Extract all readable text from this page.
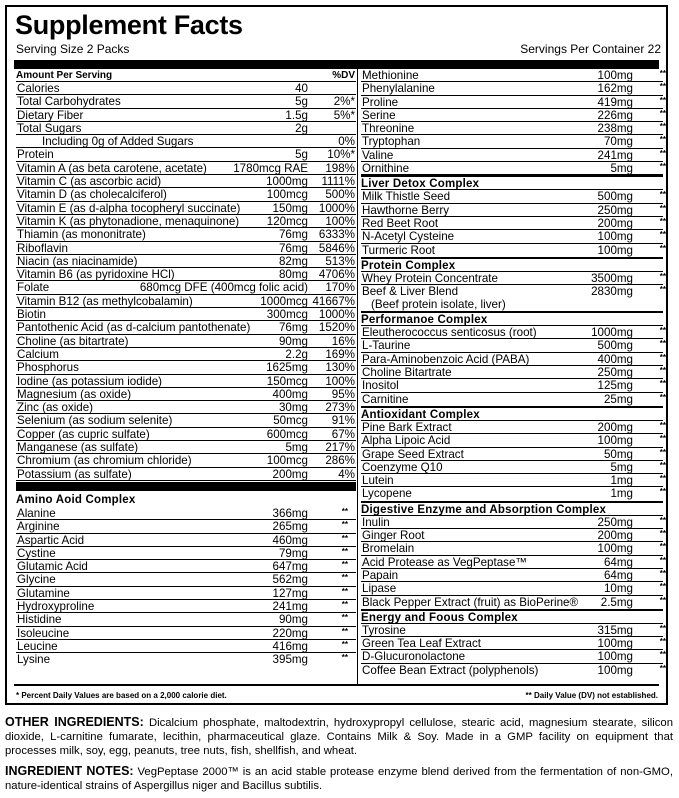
Supplement Facts
Serving Size 2 Packs	Servings Per Container 22
Amount Per Serving	%DV
Calories	40
Total Carbohydrates	5g 2%*
Dietary Fiber	1.5g 5%*
Total Sugars	2g
Including 0g of Added Sugars	0%
Protein	5g 10%*
Vitamin A (as beta carotene, acetate) 1780mcg RAE 198%
Vitamin C (as ascorbic acid)	1000mg 1111%
Vitamin D (as cholecalciferol)	100mcg 500%
Vitamin E (as d-alpha tocopheryl succinate)	150mg 1000%
Vitamin K (as phytonadione, menaquinone) 120mcg 100%
Thiamin (as mononitrate)	76mg 6333%
Riboflavin	76mg 5846%
Niacin (as niacinamide)	82mg 513%
Vitamin B6 (as pyridoxine HCl)	80mg 4706%
Folate	680mcg DFE (400mcg folic acid) 170%
Vitamin B12 (as methylcobalamin)	1000mcg 41667%
Biotin	300mcg 1000%
Pantothenic Acid (as d-calcium pantothenate) 76mg 1520%
Choline (as bitartrate)	90mg 16%
Calcium	2.2g 169%
Phosphorus	1625mg 130%
Iodine (as potassium iodide)	150mcg 100%
Magnesium (as oxide)	400mg 95%
Zinc (as oxide)	30mg 273%
Selenium (as sodium selenite)	50mcg 91%
Copper (as cupric sulfate)	600mcg 67%
Manganese (as sulfate)	5mg 217%
Chromium (as chromium chloride)	100mcg 286%
Potassium (as sulfate)	200mg	4%
Amino Aoid Complex
Alanine	366mg	**
Arginine	265mg	**
Aspartic Acid	460mg	**
Cystine	79mg	**
Glutamic Acid	647mg	**
Glycine	562mg	**
Glutamine	127mg	**
Hydroxyproline	241mg	**
Histidine	90mg	**
Isoleucine	220mg	**
Leucine	416mg	**
Lysine	395mg	**
Methionine	100mg	**
Phenylalanine	162mg	**
Proline	419mg	**
Serine	226mg	**
Threonine	238mg	**
Tryptophan	70mg	**
Valine	241mg	**
Ornithine	5mg	**
Liver Detox Complex
Milk Thistle Seed	500mg	**
Hawthorne Berry	250mg	**
Red Beet Root	200mg	**
N-Acetyl Cysteine	100mg	**
Turmeric Root	100mg	**
Protein Complex
Whey Protein Concentrate	3500mg	**
Beef & Liver Blend	2830mg	**
(Beef protein isolate, liver)
Performanoe Complex
Eleutherococcus senticosus (root)	1000mg	**
L-Taurine	500mg	**
Para-Aminobenzoic Acid (PABA)	400mg	**
Choline Bitartrate	250mg	**
Inositol	125mg	**
Carnitine	25mg	**
Antioxidant Complex
Pine Bark Extract	200mg	**
Alpha Lipoic Acid	100mg	**
Grape Seed Extract	50mg	**
Coenzyme Q10	5mg	**
Lutein	1mg	**
Lycopene	1mg	**
Digestive Enzyme and Absorption Complex
Inulin	250mg	**
Ginger Root	200mg	**
Bromelain	100mg	**
Acid Protease as VegPeptase™	64mg	**
Papain	64mg	**
Lipase	10mg	**
Black Pepper Extract (fruit) as BioPerine® 2.5mg	**
Energy and Foous Complex
Tyrosine	315mg	**
Green Tea Leaf Extract	100mg	**
D-Glucuronolactone	100mg	**
Coffee Bean Extract (polyphenols)	100mg	**
* Percent Daily Values are based on a 2,000 calorie diet.	** Daily Value (DV) not established.
OTHER INGREDIENTS: Dicalcium phosphate, maltodextrin, hydroxypropyl cellulose, stearic acid, magnesium stearate, silicon dioxide, L-carnitine fumarate, lecithin, pharmaceutical glaze. Contains Milk & Soy. Made in a GMP facility on equipment that processes milk, soy, egg, peanuts, tree nuts, fish, shellfish, and wheat.
INGREDIENT NOTES: VegPeptase 2000™ is an acid stable protease enzyme blend derived from the fermentation of non-GMO, nature-identical strains of Aspergillus niger and Bacillus subtilis.
